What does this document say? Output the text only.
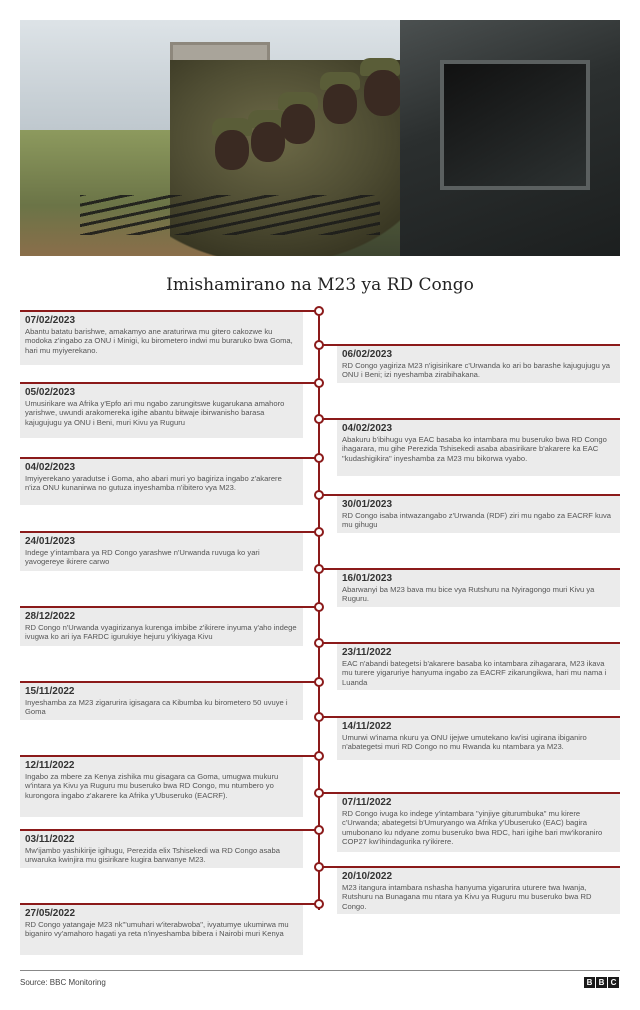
Imishamirano na M23 ya RD Congo
07/02/2023
Abantu batatu barishwe, amakamyo ane araturirwa mu gitero cakozwe ku modoka z'ingabo za ONU i Minigi, ku birometero indwi mu buraruko bwa Goma, hari mu myiyerekano.	06/02/2023
RD Congo yagiriza M23 n'igisirikare c'Urwanda ko ari bo barashe kajugujugu ya ONU i Beni; izi nyeshamba zirabihakana.
05/02/2023
Umusirikare wa Afrika y'Epfo ari mu ngabo zarungitswe kugarukana amahoro yarishwe, uwundi arakomereka igihe abantu bitwaje ibirwanisho barasa kajugujugu ya ONU i Beni, muri Kivu ya Ruguru
04/02/2023
Abakuru b'ibihugu vya EAC basaba ko intambara mu buseruko bwa RD Congo ihagarara, mu gihe Perezida Tshisekedi asaba abasirikare b'akarere ka EAC "kudashigikira" inyeshamba za M23 mu bikorwa vyabo.
04/02/2023
Imyiyerekano yaradutse i Goma, aho abari muri yo bagiriza ingabo z'akarere n'iza ONU kunanirwa no gutuza inyeshamba n'ibitero vya M23.
30/01/2023
RD Congo isaba intwazangabo z'Urwanda (RDF) ziri mu ngabo za EACRF kuva mu gihugu
24/01/2023
Indege y'intambara ya RD Congo yarashwe n'Urwanda ruvuga ko yari yavogereye ikirere carwo
16/01/2023
Abarwanyi ba M23 bava mu bice vya Rutshuru na Nyiragongo muri Kivu ya Ruguru.
28/12/2022
RD Congo n'Urwanda vyagirizanya kurenga imbibe z'ikirere inyuma y'aho indege ivugwa ko ari iya FARDC igurukiye hejuru y'ikiyaga Kivu
23/11/2022
EAC n'abandi bategetsi b'akarere basaba ko intambara zihagarara, M23 ikava mu turere yigaruriye hanyuma ingabo za EACRF zikarungikwa, hari mu nama i Luanda
15/11/2022
Inyeshamba za M23 zigarurira igisagara ca Kibumba ku birometero 50 uvuye i Goma
14/11/2022
Umurwi w'inama nkuru ya ONU ijejwe umutekano kw'isi ugirana ibiganiro n'abategetsi muri RD Congo no mu Rwanda ku ntambara ya M23.
12/11/2022
Ingabo za mbere za Kenya zishika mu gisagara ca Goma, umugwa mukuru w'intara ya Kivu ya Ruguru mu buseruko bwa RD Congo, mu ntumbero yo kurongora ingabo z'akarere ka Afrika y'Ubuseruko (EACRF).
07/11/2022
RD Congo ivuga ko indege y'intambara "yinjiye giturumbuka" mu kirere c'Urwanda; abategetsi b'Umuryango wa Afrika y'Ubuseruko (EAC) bagira umubonano ku ndyane zomu buseruko bwa RDC, hari igihe bari mw'ikoraniro COP27 kw'ihindagurika ry'ikirere.
03/11/2022
Mw'ijambo yashikirije igihugu, Perezida elix Tshisekedi wa RD Congo asaba urwaruka kwinjira mu gisirikare kugira barwanye M23.
20/10/2022
M23 itangura intambara nshasha hanyuma yigarurira uturere twa Iwanja, Rutshuru na Bunagana mu ntara ya Kivu ya Ruguru mu buseruko bwa RD Congo.
27/05/2022
RD Congo yatangaje M23 nk'"umuhari w'iterabwoba", ivyatumye ukumirwa mu biganiro vy'amahoro hagati ya reta n'inyeshamba bibera i Nairobi muri Kenya
Source: BBC Monitoring	B B C
